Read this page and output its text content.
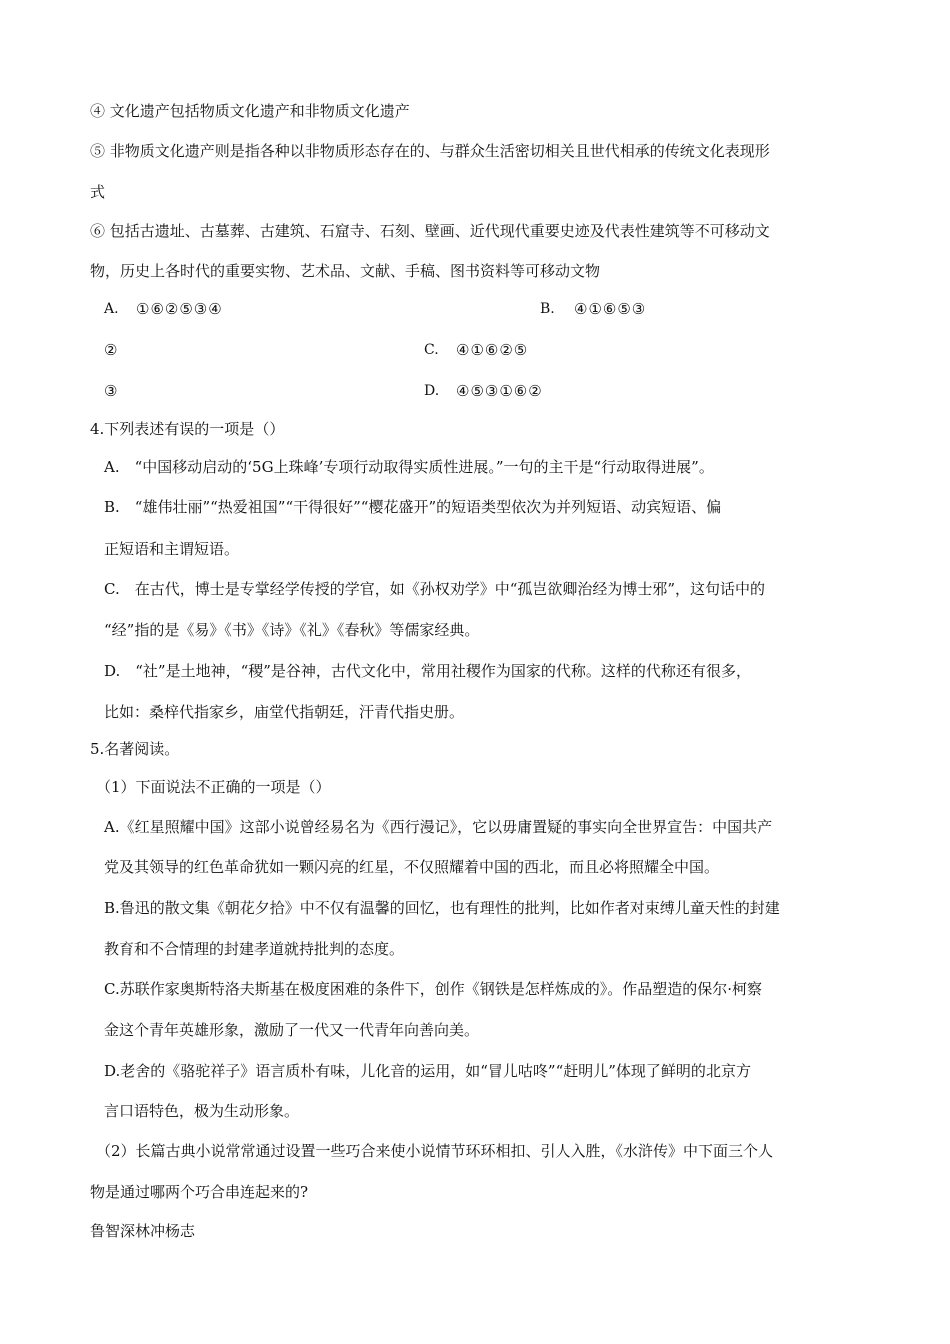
④ 文化遗产包括物质文化遗产和非物质文化遗产
⑤ 非物质文化遗产则是指各种以非物质形态存在的、与群众生活密切相关且世代相承的传统文化表现形
式
⑥ 包括古遗址、古墓葬、古建筑、石窟寺、石刻、壁画、近代现代重要史迹及代表性建筑等不可移动文
物，历史上各时代的重要实物、艺术品、文献、手稿、图书资料等可移动文物
A. ①⑥②⑤③④	B. ④①⑥⑤③
②	C. ④①⑥②⑤
③	D. ④⑤③①⑥②
4.下列表述有误的一项是（）
A.　“中国移动启动的‘5G上珠峰’专项行动取得实质性进展。”一句的主干是“行动取得进展”。
B.　“雄伟壮丽”“热爱祖国”“干得很好”“樱花盛开”的短语类型依次为并列短语、动宾短语、偏
正短语和主谓短语。
C.　在古代，博士是专掌经学传授的学官，如《孙权劝学》中“孤岂欲卿治经为博士邪”，这句话中的
“经”指的是《易》《书》《诗》《礼》《春秋》等儒家经典。
D.　“社”是土地神，“稷”是谷神，古代文化中，常用社稷作为国家的代称。这样的代称还有很多，
比如：桑梓代指家乡，庙堂代指朝廷，汗青代指史册。
5.名著阅读。
（1）下面说法不正确的一项是（）
A.《红星照耀中国》这部小说曾经易名为《西行漫记》，它以毋庸置疑的事实向全世界宣告：中国共产
党及其领导的红色革命犹如一颗闪亮的红星，不仅照耀着中国的西北，而且必将照耀全中国。
B.鲁迅的散文集《朝花夕拾》中不仅有温馨的回忆，也有理性的批判，比如作者对束缚儿童天性的封建
教育和不合情理的封建孝道就持批判的态度。
C.苏联作家奥斯特洛夫斯基在极度困难的条件下，创作《钢铁是怎样炼成的》。作品塑造的保尔·柯察
金这个青年英雄形象，激励了一代又一代青年向善向美。
D.老舍的《骆驼祥子》语言质朴有味，儿化音的运用，如“冒儿咕咚”“赶明儿”体现了鲜明的北京方
言口语特色，极为生动形象。
（2）长篇古典小说常常通过设置一些巧合来使小说情节环环相扣、引人入胜，《水浒传》中下面三个人
物是通过哪两个巧合串连起来的?
鲁智深林冲杨志
